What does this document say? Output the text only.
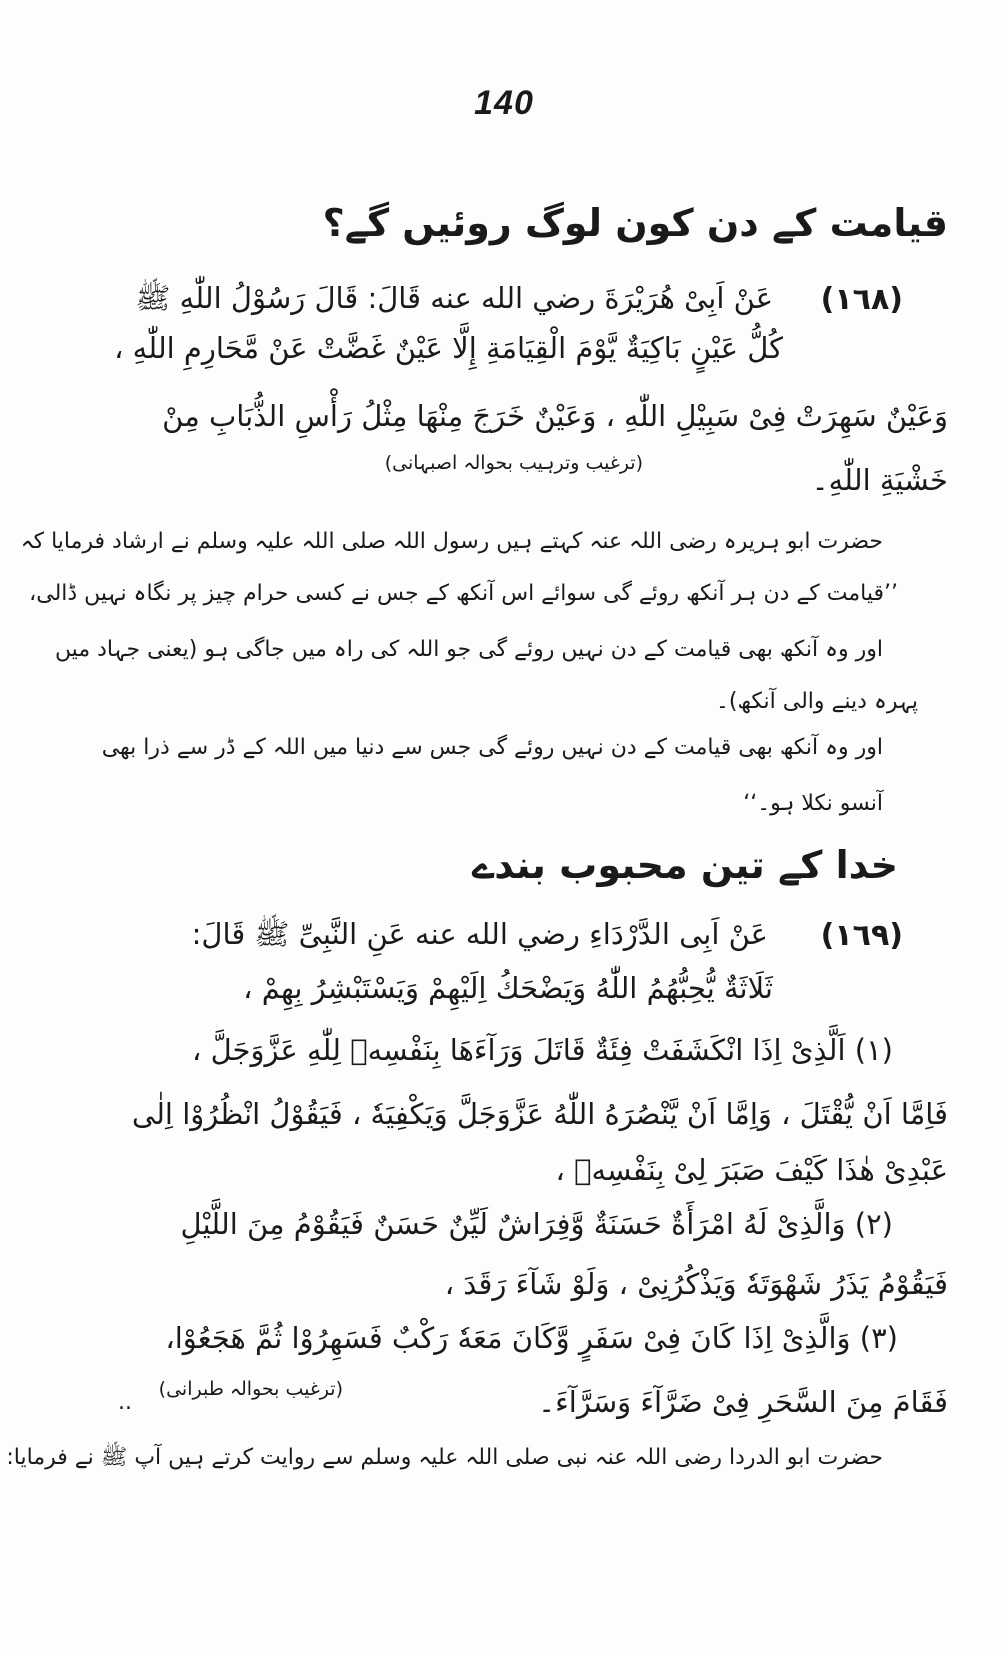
140
قیامت کے دن کون لوگ روئیں گے؟
(١٦٨)
عَنْ اَبِیْ هُرَیْرَةَ رضي الله عنه قَالَ: قَالَ رَسُوْلُ اللّٰهِ ﷺ
کُلُّ عَیْنٍ بَاکِیَةٌ یَّوْمَ الْقِیَامَةِ إِلَّا عَیْنٌ غَضَّتْ عَنْ مَّحَارِمِ اللّٰهِ ،
وَعَیْنٌ سَهِرَتْ فِیْ سَبِیْلِ اللّٰهِ ، وَعَیْنٌ خَرَجَ مِنْهَا مِثْلُ رَأْسِ الذُّبَابِ مِنْ
خَشْیَةِ اللّٰهِ۔
(ترغیب وترہیب بحوالہ اصبہانی)
حضرت ابو ہریرہ رضی اللہ عنہ کہتے ہیں رسول اللہ صلی اللہ علیہ وسلم نے ارشاد فرمایا کہ
’’قیامت کے دن ہر آنکھ روئے گی سوائے اس آنکھ کے جس نے کسی حرام چیز پر نگاہ نہیں ڈالی،
اور وہ آنکھ بھی قیامت کے دن نہیں روئے گی جو اللہ کی راہ میں جاگی ہو (یعنی جہاد میں
پہرہ دینے والی آنکھ)۔
اور وہ آنکھ بھی قیامت کے دن نہیں روئے گی جس سے دنیا میں اللہ کے ڈر سے ذرا بھی
آنسو نکلا ہو۔‘‘
خدا کے تین محبوب بندے
(١٦٩)
عَنْ اَبِی الدَّرْدَاءِ رضي الله عنه عَنِ النَّبِیِّ ﷺ قَالَ:
ثَلَاثَةٌ یُّحِبُّهُمُ اللّٰهُ وَیَضْحَكُ اِلَیْهِمْ وَیَسْتَبْشِرُ بِهِمْ ،
(١) اَلَّذِیْ اِذَا انْکَشَفَتْ فِئَةٌ قَاتَلَ وَرَآءَهَا بِنَفْسِهٖ لِلّٰهِ عَزَّوَجَلَّ ،
فَاِمَّا اَنْ یُّقْتَلَ ، وَاِمَّا اَنْ یَّنْصُرَهُ اللّٰهُ عَزَّوَجَلَّ وَیَکْفِیَهٗ ، فَیَقُوْلُ انْظُرُوْا اِلٰی
عَبْدِیْ هٰذَا کَیْفَ صَبَرَ لِیْ بِنَفْسِهٖ ،
(٢) وَالَّذِیْ لَهُ امْرَأَةٌ حَسَنَةٌ وَّفِرَاشٌ لَیِّنٌ حَسَنٌ فَیَقُوْمُ مِنَ اللَّیْلِ
فَیَقُوْمُ یَذَرُ شَهْوَتَهٗ وَیَذْکُرُنِیْ ، وَلَوْ شَآءَ رَقَدَ ،
(٣) وَالَّذِیْ اِذَا کَانَ فِیْ سَفَرٍ وَّکَانَ مَعَهٗ رَکْبٌ فَسَهِرُوْا ثُمَّ هَجَعُوْا،
فَقَامَ مِنَ السَّحَرِ فِیْ ضَرَّآءَ وَسَرَّآءَ۔
(ترغیب بحوالہ طبرانی)
..
حضرت ابو الدردا رضی اللہ عنہ نبی صلی اللہ علیہ وسلم سے روایت کرتے ہیں آپ ﷺ نے فرمایا:
